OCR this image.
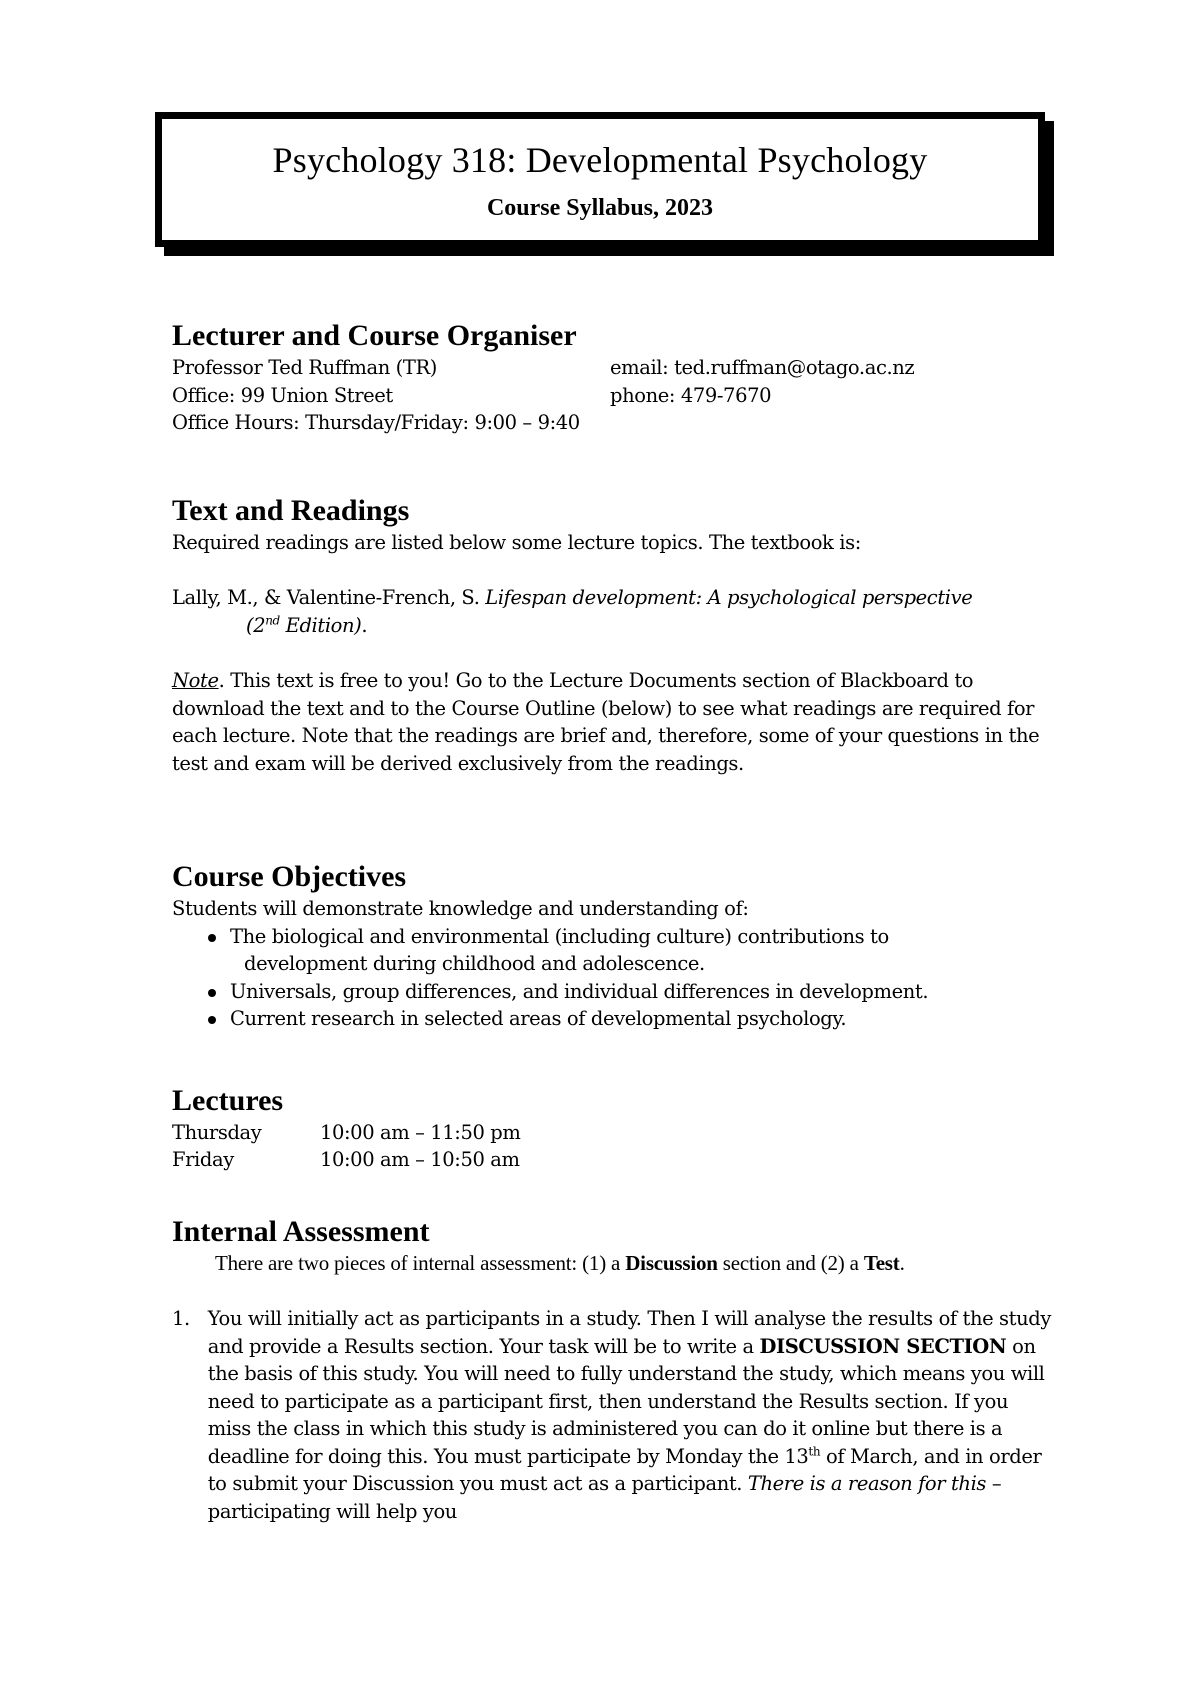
Psychology 318: Developmental Psychology
Course Syllabus, 2023
Lecturer and Course Organiser
Professor Ted Ruffman (TR)	email: ted.ruffman@otago.ac.nz
Office: 99 Union Street	phone: 479-7670
Office Hours: Thursday/Friday: 9:00 – 9:40
Text and Readings

Required readings are listed below some lecture topics. The textbook is:

Lally, M., & Valentine-French, S. Lifespan development: A psychological perspective

(2nd Edition).

Note. This text is free to you! Go to the Lecture Documents section of Blackboard to download the text and to the Course Outline (below) to see what readings are required for each lecture. Note that the readings are brief and, therefore, some of your questions in the test and exam will be derived exclusively from the readings.

Course Objectives

Students will demonstrate knowledge and understanding of:

The biological and environmental (including culture) contributions to
development during childhood and adolescence.
Universals, group differences, and individual differences in development.
Current research in selected areas of developmental psychology.
Lectures
Thursday	10:00 am – 11:50 pm
Friday	10:00 am – 10:50 am
Internal Assessment

There are two pieces of internal assessment: (1) a Discussion section and (2) a Test.

1. You will initially act as participants in a study. Then I will analyse the results of the study and provide a Results section. Your task will be to write a DISCUSSION SECTION on the basis of this study. You will need to fully understand the study, which means you will need to participate as a participant first, then understand the Results section. If you miss the class in which this study is administered you can do it online but there is a deadline for doing this. You must participate by Monday the 13th of March, and in order to submit your Discussion you must act as a participant. There is a reason for this – participating will help you
